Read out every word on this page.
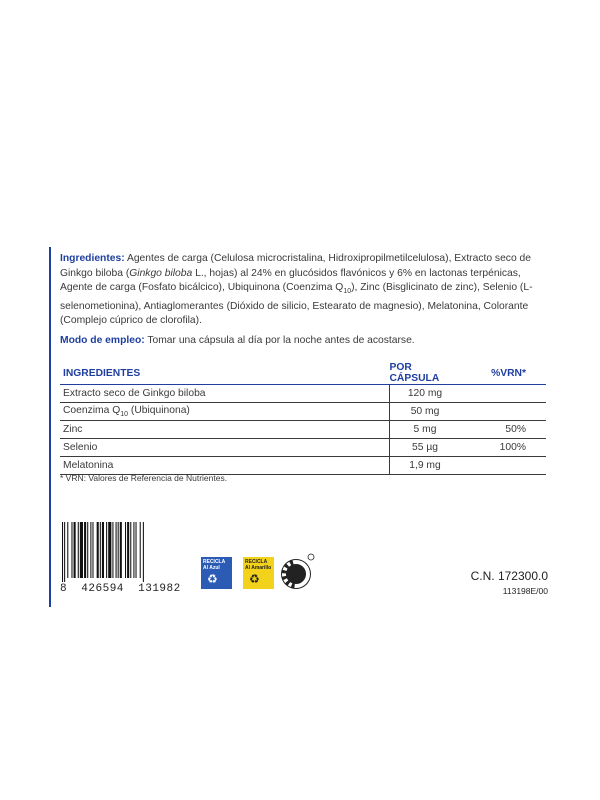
Ingredientes: Agentes de carga (Celulosa microcristalina, Hidroxipropilmetilcelulosa), Extracto seco de Ginkgo biloba (Ginkgo biloba L., hojas) al 24% en glucósidos flavónicos y 6% en lactonas terpénicas, Agente de carga (Fosfato bicálcico), Ubiquinona (Coenzima $Q_{10}$), Zinc (Bisglicinato de zinc), Selenio (L-selenometionina), Antiaglomerantes (Dióxido de silicio, Estearato de magnesio), Melatonina, Colorante (Complejo cúprico de clorofila).

Modo de empleo: Tomar una cápsula al día por la noche antes de acostarse.

INGREDIENTES	POR CÁPSULA	%VRN*
Extracto seco de Ginkgo biloba	120 mg	
Coenzima $Q_{10}$ (Ubiquinona)	50 mg	
Zinc	5 mg	50%
Selenio	55 µg	100%
Melatonina	1,9 mg	
* VRN: Valores de Referencia de Nutrientes.
8  426594  131982
RECICLA Al Azul
♻
RECICLA Al Amarillo
♻	C.N. 172300.0
113198E/00
